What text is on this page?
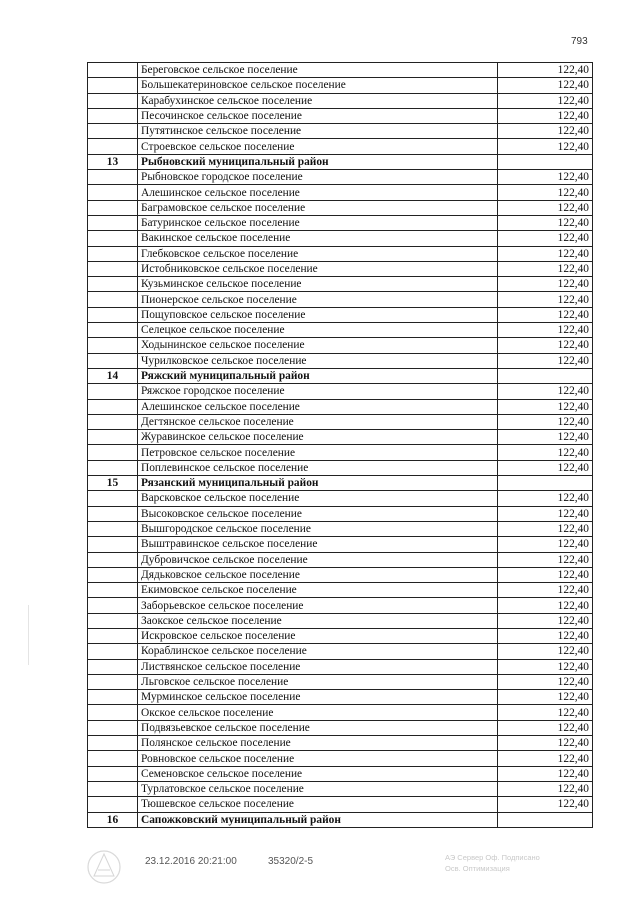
793
	Береговское сельское поселение	122,40
	Большекатериновское сельское поселение	122,40
	Карабухинское сельское поселение	122,40
	Песочинское сельское поселение	122,40
	Путятинское сельское поселение	122,40
	Строевское сельское поселение	122,40
13	Рыбновский муниципальный район	
	Рыбновское городское поселение	122,40
	Алешинское сельское поселение	122,40
	Баграмовское сельское поселение	122,40
	Батуринское сельское поселение	122,40
	Вакинское сельское поселение	122,40
	Глебковское сельское поселение	122,40
	Истобниковское сельское поселение	122,40
	Кузьминское сельское поселение	122,40
	Пионерское сельское поселение	122,40
	Пощуповское сельское поселение	122,40
	Селецкое сельское поселение	122,40
	Ходынинское сельское поселение	122,40
	Чурилковское сельское поселение	122,40
14	Ряжский муниципальный район	
	Ряжское городское поселение	122,40
	Алешинское сельское поселение	122,40
	Дегтянское сельское поселение	122,40
	Журавинское сельское поселение	122,40
	Петровское сельское поселение	122,40
	Поплевинское сельское поселение	122,40
15	Рязанский муниципальный район	
	Варсковское сельское поселение	122,40
	Высоковское сельское поселение	122,40
	Вышгородское сельское поселение	122,40
	Выштравинское сельское поселение	122,40
	Дубровичское сельское поселение	122,40
	Дядьковское сельское поселение	122,40
	Екимовское сельское поселение	122,40
	Заборьевское сельское поселение	122,40
	Заокское сельское поселение	122,40
	Искровское сельское поселение	122,40
	Кораблинское сельское поселение	122,40
	Листвянское сельское поселение	122,40
	Льговское сельское поселение	122,40
	Мурминское сельское поселение	122,40
	Окское сельское поселение	122,40
	Подвязьевское сельское поселение	122,40
	Полянское сельское поселение	122,40
	Ровновское сельское поселение	122,40
	Семеновское сельское поселение	122,40
	Турлатовское сельское поселение	122,40
	Тюшевское сельское поселение	122,40
16	Сапожковский муниципальный район	
23.12.2016 20:21:00	35320/2-5	АЭ Сервер Оф. Подписано
Осв. Оптимизация
